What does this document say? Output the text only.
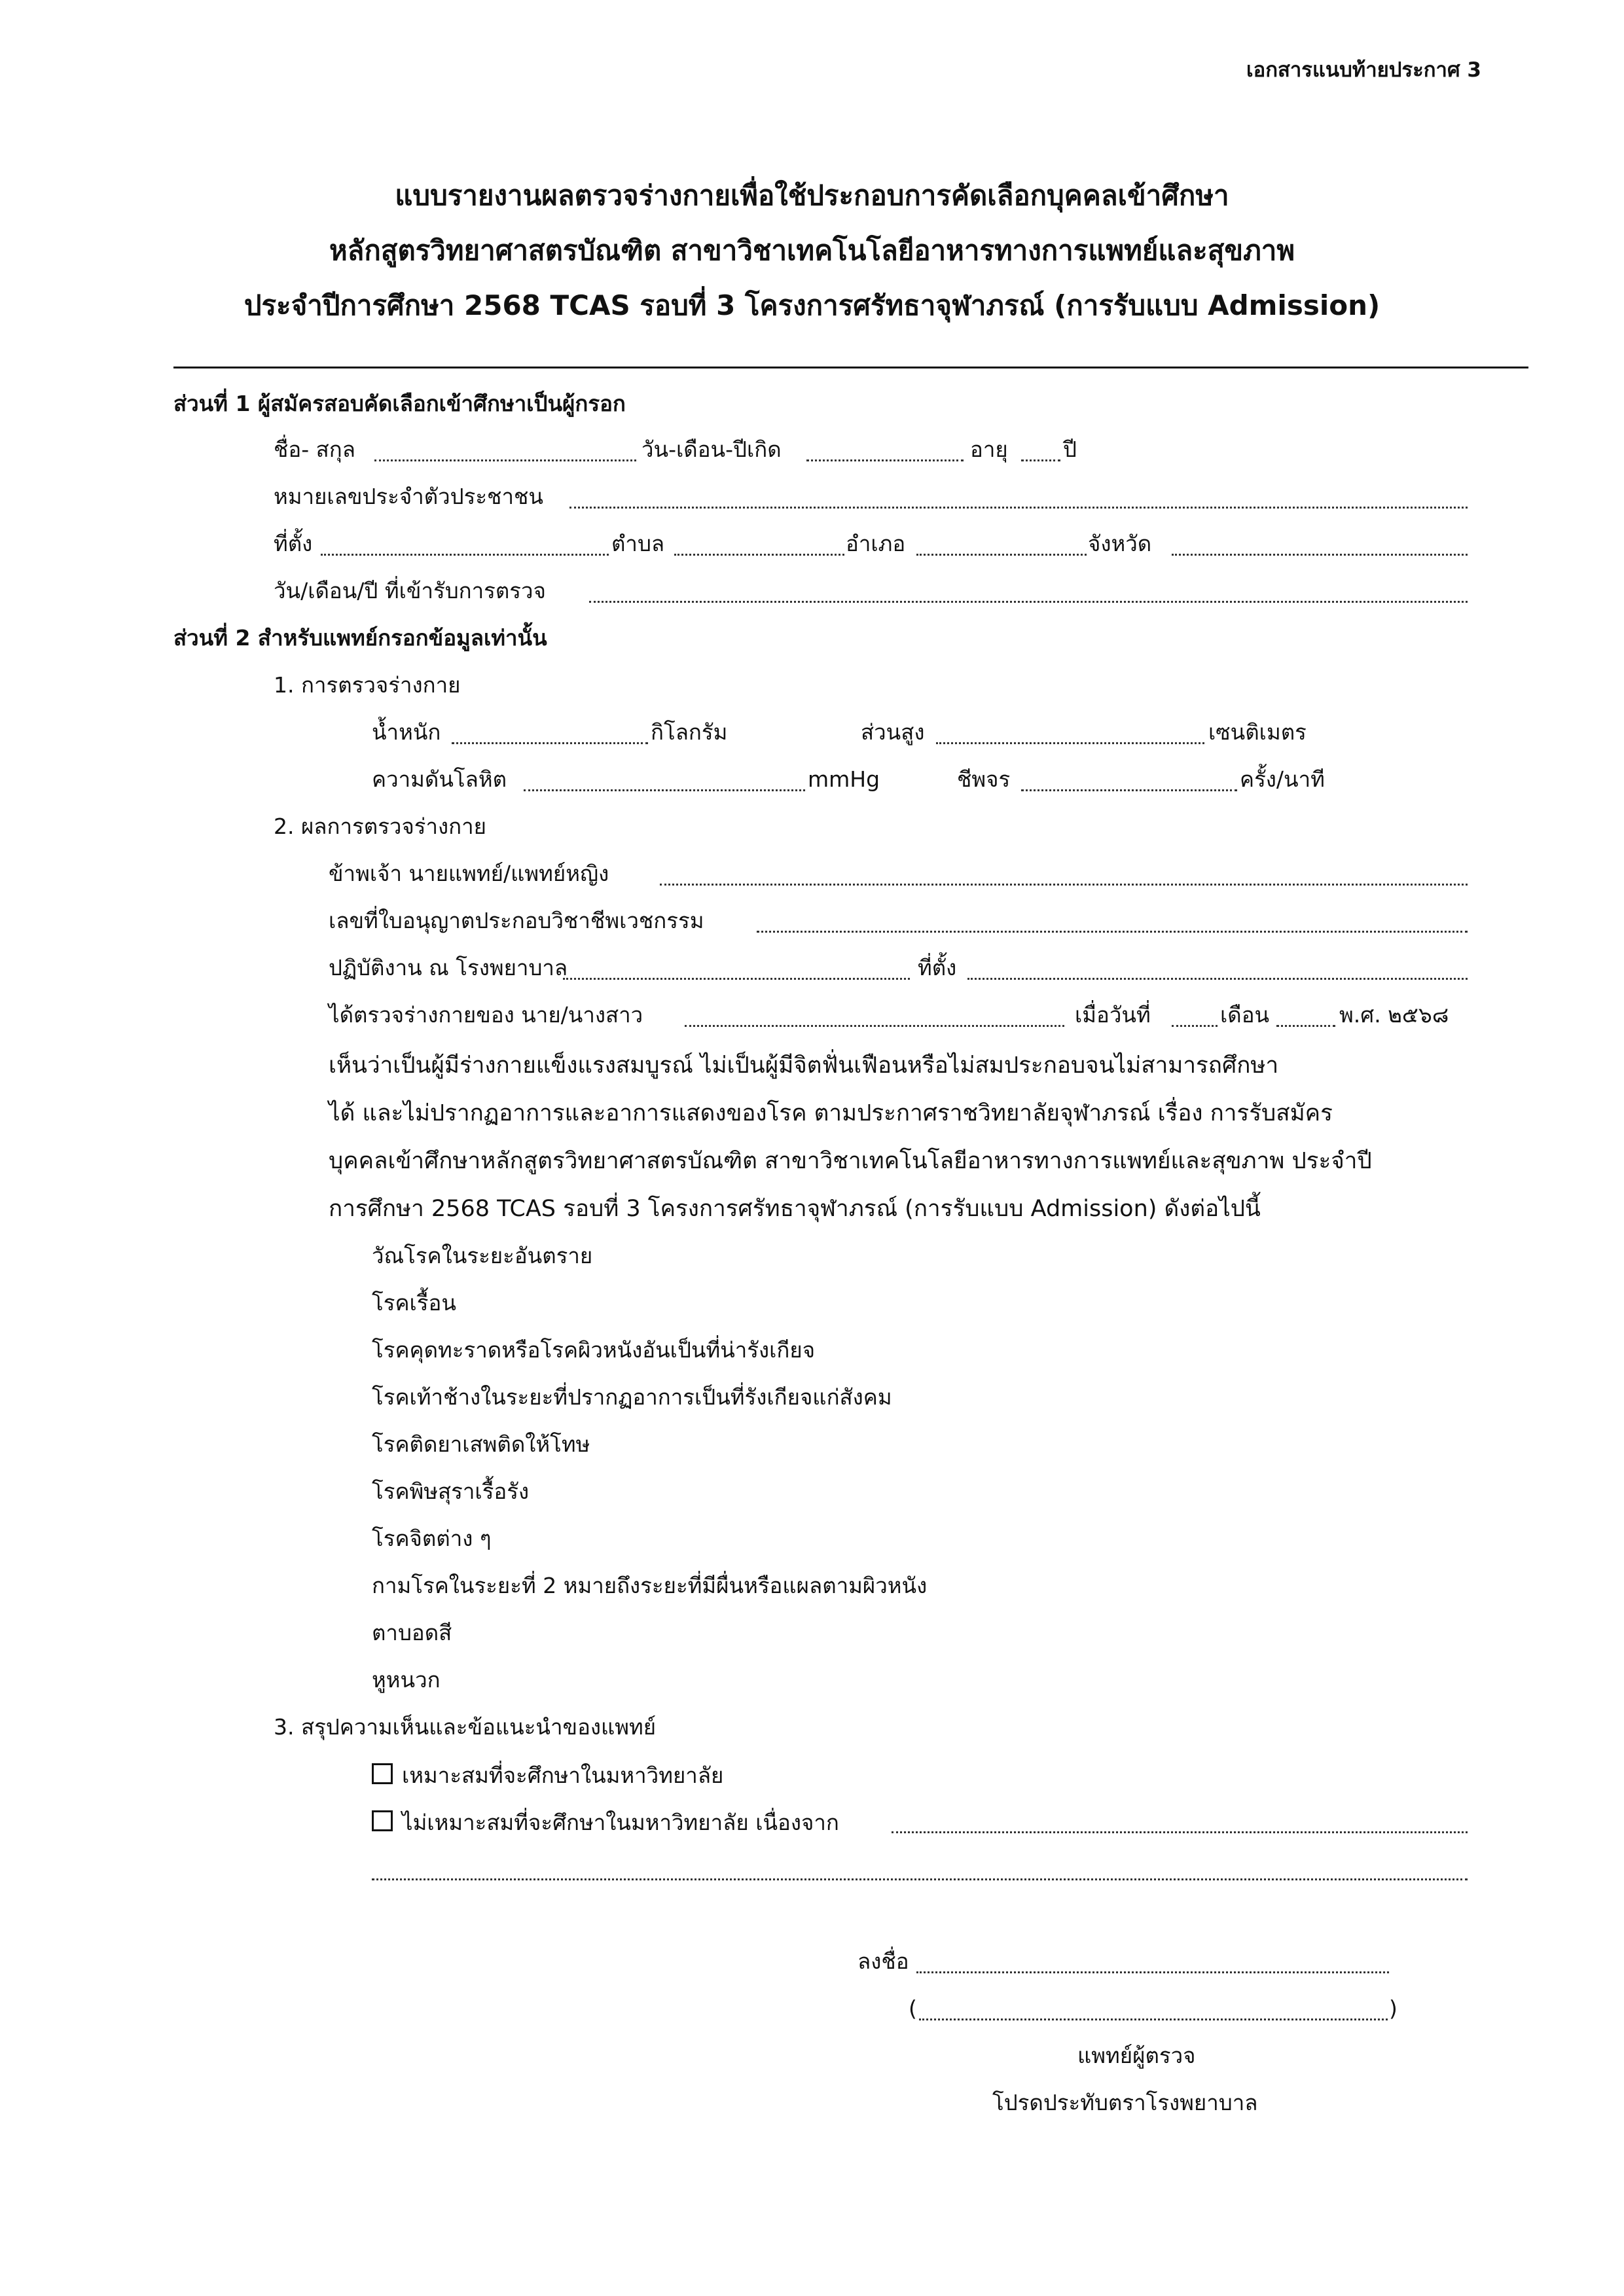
เอกสารแนบท้ายประกาศ 3
แบบรายงานผลตรวจร่างกายเพื่อใช้ประกอบการคัดเลือกบุคคลเข้าศึกษา
หลักสูตรวิทยาศาสตรบัณฑิต สาขาวิชาเทคโนโลยีอาหารทางการแพทย์และสุขภาพ
ประจำปีการศึกษา 2568 TCAS รอบที่ 3 โครงการศรัทธาจุฬาภรณ์ (การรับแบบ Admission)
ส่วนที่ 1 ผู้สมัครสอบคัดเลือกเข้าศึกษาเป็นผู้กรอก
ชื่อ- สกุล	วัน-เดือน-ปีเกิด	อายุ	ปี
หมายเลขประจำตัวประชาชน
ที่ตั้ง	ตำบล	อำเภอ	จังหวัด
วัน/เดือน/ปี ที่เข้ารับการตรวจ
ส่วนที่ 2 สำหรับแพทย์กรอกข้อมูลเท่านั้น
1. การตรวจร่างกาย
น้ำหนัก	กิโลกรัม	ส่วนสูง	เซนติเมตร
ความดันโลหิต	mmHg	ชีพจร	ครั้ง/นาที
2. ผลการตรวจร่างกาย
ข้าพเจ้า นายแพทย์/แพทย์หญิง
เลขที่ใบอนุญาตประกอบวิชาชีพเวชกรรม
ปฏิบัติงาน ณ โรงพยาบาล	ที่ตั้ง
ได้ตรวจร่างกายของ นาย/นางสาว	เมื่อวันที่	เดือน	พ.ศ. ๒๕๖๘
เห็นว่าเป็นผู้มีร่างกายแข็งแรงสมบูรณ์ ไม่เป็นผู้มีจิตฟั่นเฟือนหรือไม่สมประกอบจนไม่สามารถศึกษา
ได้ และไม่ปรากฏอาการและอาการแสดงของโรค ตามประกาศราชวิทยาลัยจุฬาภรณ์ เรื่อง การรับสมัคร
บุคคลเข้าศึกษาหลักสูตรวิทยาศาสตรบัณฑิต สาขาวิชาเทคโนโลยีอาหารทางการแพทย์และสุขภาพ ประจำปี
การศึกษา 2568 TCAS รอบที่ 3 โครงการศรัทธาจุฬาภรณ์ (การรับแบบ Admission) ดังต่อไปนี้
วัณโรคในระยะอันตราย
โรคเรื้อน
โรคคุดทะราดหรือโรคผิวหนังอันเป็นที่น่ารังเกียจ
โรคเท้าช้างในระยะที่ปรากฏอาการเป็นที่รังเกียจแก่สังคม
โรคติดยาเสพติดให้โทษ
โรคพิษสุราเรื้อรัง
โรคจิตต่าง ๆ
กามโรคในระยะที่ 2 หมายถึงระยะที่มีผื่นหรือแผลตามผิวหนัง
ตาบอดสี
หูหนวก
3. สรุปความเห็นและข้อแนะนำของแพทย์
เหมาะสมที่จะศึกษาในมหาวิทยาลัย
ไม่เหมาะสมที่จะศึกษาในมหาวิทยาลัย เนื่องจาก
ลงชื่อ
(	)
แพทย์ผู้ตรวจ
โปรดประทับตราโรงพยาบาล
